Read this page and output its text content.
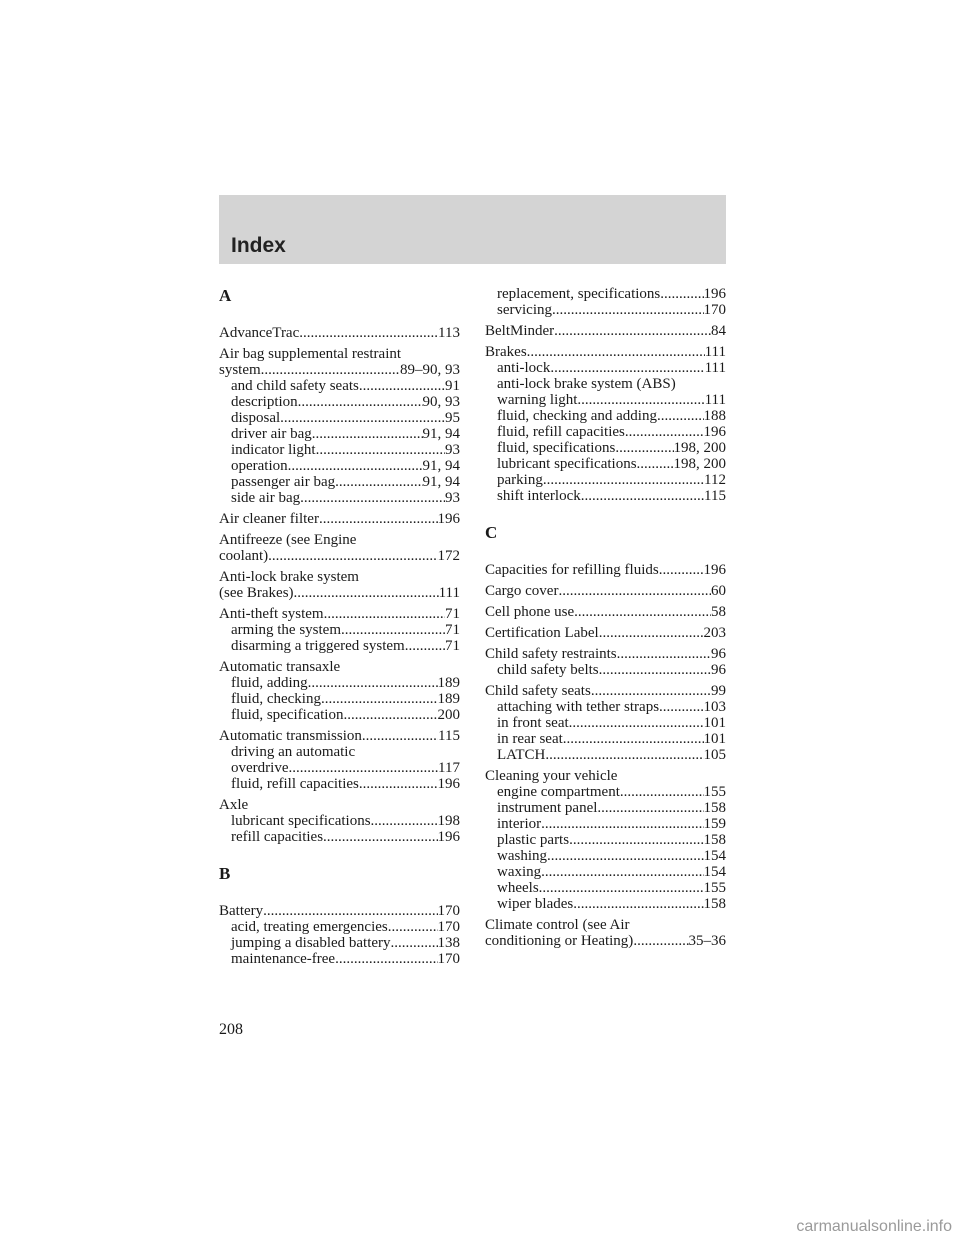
Index
A
AdvanceTrac .....	113
Air bag supplemental restraint
system .....	89–90, 93
and child safety seats .....	91
description .....	90, 93
disposal .....	95
driver air bag .....	91, 94
indicator light .....	93
operation .....	91, 94
passenger air bag .....	91, 94
side air bag .....	93
Air cleaner filter .....	196
Antifreeze (see Engine
coolant) .....	172
Anti-lock brake system
(see Brakes) .....	111
Anti-theft system .....	71
arming the system .....	71
disarming a triggered system .....	71
Automatic transaxle
fluid, adding .....	189
fluid, checking .....	189
fluid, specification .....	200
Automatic transmission .....	115
driving an automatic
overdrive .....	117
fluid, refill capacities .....	196
Axle
lubricant specifications .....	198
refill capacities .....	196
B
Battery .....	170
acid, treating emergencies .....	170
jumping a disabled battery .....	138
maintenance-free .....	170
replacement, specifications .....	196
servicing .....	170
BeltMinder .....	84
Brakes .....	111
anti-lock .....	111
anti-lock brake system (ABS)
warning light .....	111
fluid, checking and adding .....	188
fluid, refill capacities .....	196
fluid, specifications .....	198, 200
lubricant specifications ..... 198, 200
parking .....	112
shift interlock .....	115
C
Capacities for refilling fluids .....	196
Cargo cover .....	60
Cell phone use .....	58
Certification Label .....	203
Child safety restraints .....	96
child safety belts .....	96
Child safety seats .....	99
attaching with tether straps .....	103
in front seat .....	101
in rear seat .....	101
LATCH .....	105
Cleaning your vehicle
engine compartment .....	155
instrument panel .....	158
interior .....	159
plastic parts .....	158
washing .....	154
waxing .....	154
wheels .....	155
wiper blades .....	158
Climate control (see Air
conditioning or Heating) .....	35–36
208
carmanualsonline.info
